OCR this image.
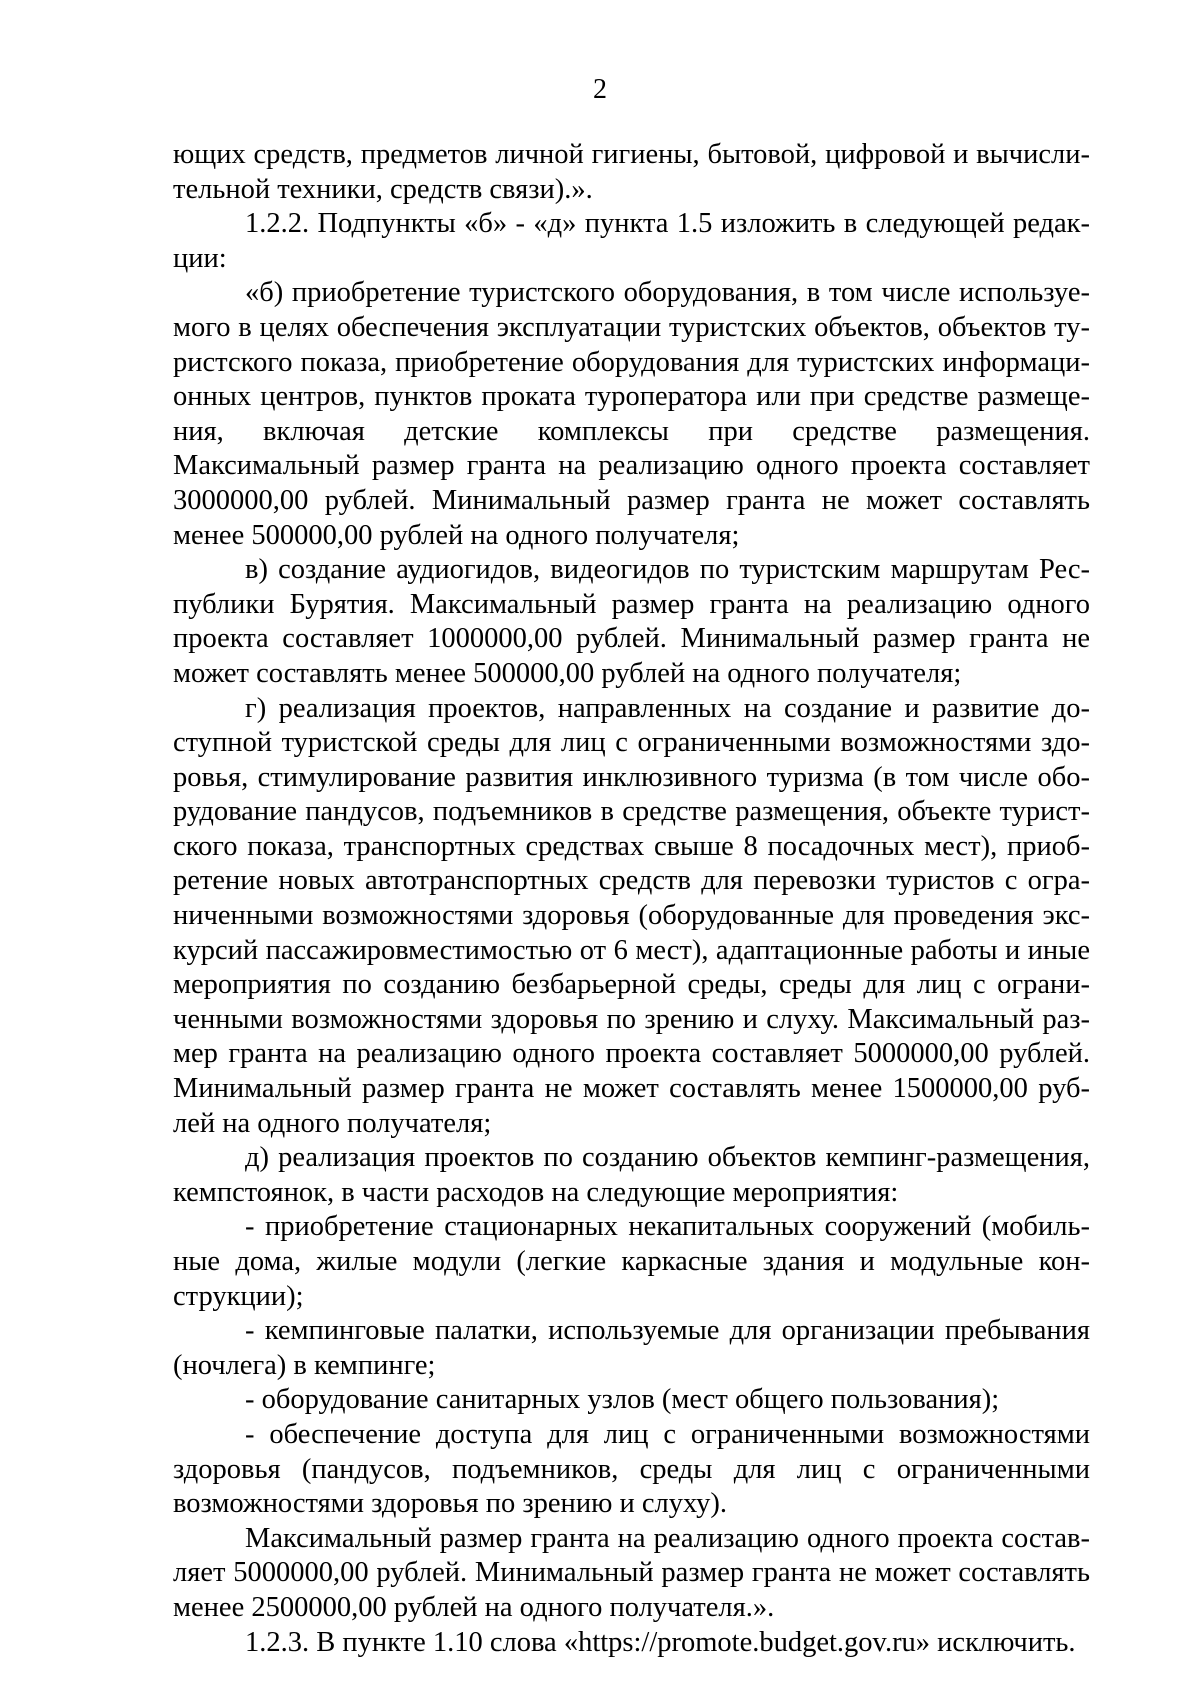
2

ющих средств, предметов личной гигиены, бытовой, цифровой и вычислительной техники, средств связи).».

1.2.2. Подпункты «б» - «д» пункта 1.5 изложить в следующей редакции:

«б) приобретение туристского оборудования, в том числе используемого в целях обеспечения эксплуатации туристских объектов, объектов туристского показа, приобретение оборудования для туристских информационных центров, пунктов проката туроператора или при средстве размещения, включая детские комплексы при средстве размещения. Максимальный размер гранта на реализацию одного проекта составляет 3000000,00 рублей. Минимальный размер гранта не может составлять менее 500000,00 рублей на одного получателя;

в) создание аудиогидов, видеогидов по туристским маршрутам Республики Бурятия. Максимальный размер гранта на реализацию одного проекта составляет 1000000,00 рублей. Минимальный размер гранта не может составлять менее 500000,00 рублей на одного получателя;

г) реализация проектов, направленных на создание и развитие доступной туристской среды для лиц с ограниченными возможностями здоровья, стимулирование развития инклюзивного туризма (в том числе оборудование пандусов, подъемников в средстве размещения, объекте туристского показа, транспортных средствах свыше 8 посадочных мест), приобретение новых автотранспортных средств для перевозки туристов с ограниченными возможностями здоровья (оборудованные для проведения экскурсий пассажировместимостью от 6 мест), адаптационные работы и иные мероприятия по созданию безбарьерной среды, среды для лиц с ограниченными возможностями здоровья по зрению и слуху. Максимальный размер гранта на реализацию одного проекта составляет 5000000,00 рублей. Минимальный размер гранта не может составлять менее 1500000,00 рублей на одного получателя;

д) реализация проектов по созданию объектов кемпинг-размещения, кемпстоянок, в части расходов на следующие мероприятия:

- приобретение стационарных некапитальных сооружений (мобильные дома, жилые модули (легкие каркасные здания и модульные конструкции);

- кемпинговые палатки, используемые для организации пребывания (ночлега) в кемпинге;

- оборудование санитарных узлов (мест общего пользования);

- обеспечение доступа для лиц с ограниченными возможностями здоровья (пандусов, подъемников, среды для лиц с ограниченными возможностями здоровья по зрению и слуху).

Максимальный размер гранта на реализацию одного проекта составляет 5000000,00 рублей. Минимальный размер гранта не может составлять менее 2500000,00 рублей на одного получателя.».

1.2.3. В пункте 1.10 слова «https://promote.budget.gov.ru» исключить.
